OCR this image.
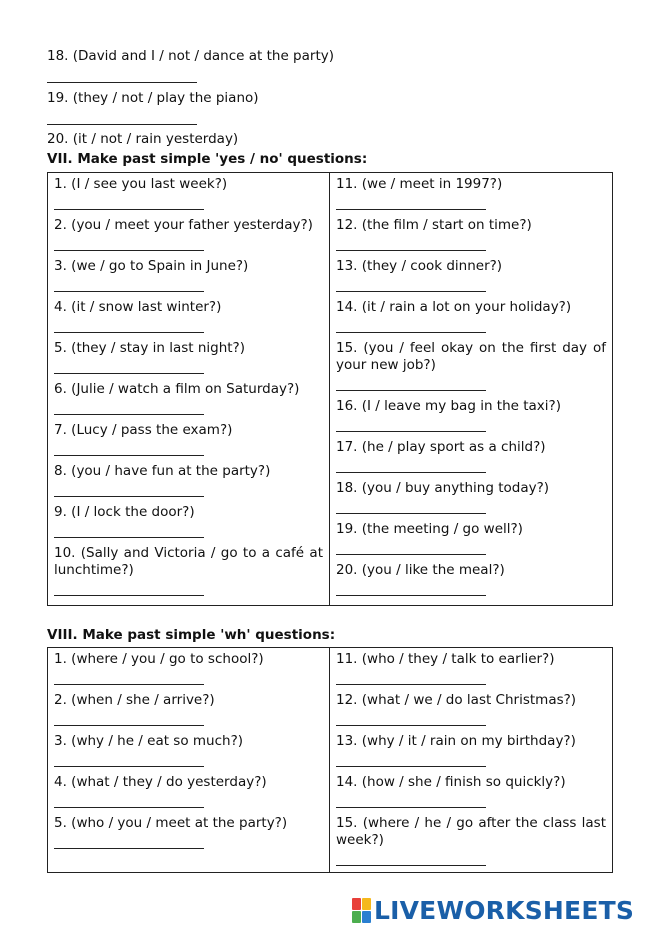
18. (David and I / not / dance at the party)
19. (they / not / play the piano)
20. (it / not / rain yesterday)
VII. Make past simple 'yes / no' questions:
1. (I / see you last week?)
2. (you / meet your father yesterday?)
3. (we / go to Spain in June?)
4. (it / snow last winter?)
5. (they / stay in last night?)
6. (Julie / watch a film on Saturday?)
7. (Lucy / pass the exam?)
8. (you / have fun at the party?)
9. (I / lock the door?)
10. (Sally and Victoria / go to a café at lunchtime?)
11. (we / meet in 1997?)
12. (the film / start on time?)
13. (they / cook dinner?)
14. (it / rain a lot on your holiday?)
15. (you / feel okay on the first day of your new job?)
16. (I / leave my bag in the taxi?)
17. (he / play sport as a child?)
18. (you / buy anything today?)
19. (the meeting / go well?)
20. (you / like the meal?)
VIII. Make past simple 'wh' questions:
1. (where / you / go to school?)
2. (when / she / arrive?)
3. (why / he / eat so much?)
4. (what / they / do yesterday?)
5. (who / you / meet at the party?)
11. (who / they / talk to earlier?)
12. (what / we / do last Christmas?)
13. (why / it / rain on my birthday?)
14. (how / she / finish so quickly?)
15. (where / he / go after the class last week?)
LIVEWORKSHEETS
